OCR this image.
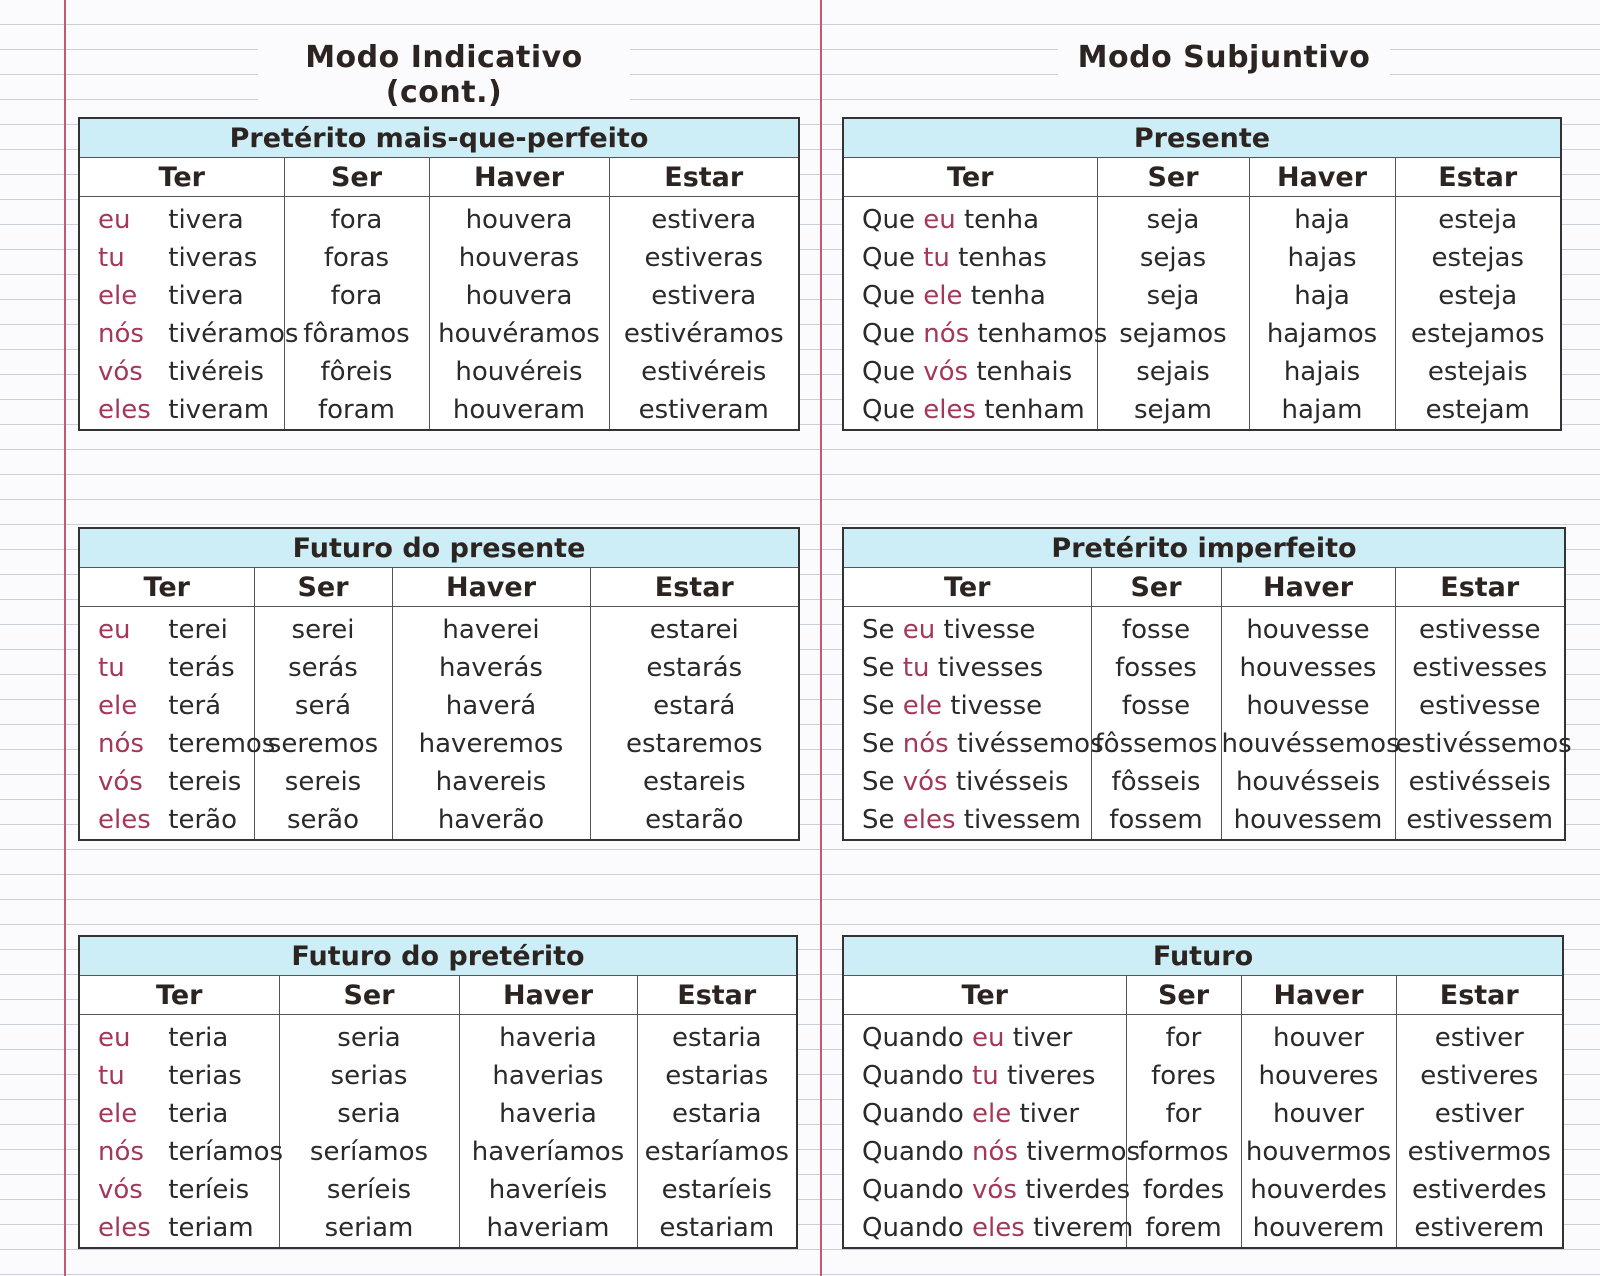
Modo Indicativo (cont.)
Modo Subjuntivo
Pretérito mais-que-perfeito			
Ter	Ser	Haver	Estar
eu tivera	fora	houvera	estivera
tu tiveras	foras	houveras	estiveras
ele tivera	fora	houvera	estivera
nós tivéramos	fôramos	houvéramos	estivéramos
vós tivéreis	fôreis	houvéreis	estivéreis
eles tiveram	foram	houveram	estiveram
Futuro do presente			
Ter	Ser	Haver	Estar
eu terei	serei	haverei	estarei
tu terás	serás	haverás	estarás
ele terá	será	haverá	estará
nós teremos	seremos	haveremos	estaremos
vós tereis	sereis	havereis	estareis
eles terão	serão	haverão	estarão
Futuro do pretérito			
Ter	Ser	Haver	Estar
eu teria	seria	haveria	estaria
tu terias	serias	haverias	estarias
ele teria	seria	haveria	estaria
nós teríamos	seríamos	haveríamos	estaríamos
vós teríeis	seríeis	haveríeis	estaríeis
eles teriam	seriam	haveriam	estariam
Presente			
Ter	Ser	Haver	Estar
Que eu tenha	seja	haja	esteja
Que tu tenhas	sejas	hajas	estejas
Que ele tenha	seja	haja	esteja
Que nós tenhamos	sejamos	hajamos	estejamos
Que vós tenhais	sejais	hajais	estejais
Que eles tenham	sejam	hajam	estejam
Pretérito imperfeito			
Ter	Ser	Haver	Estar
Se eu tivesse	fosse	houvesse	estivesse
Se tu tivesses	fosses	houvesses	estivesses
Se ele tivesse	fosse	houvesse	estivesse
Se nós tivéssemos	fôssemos	houvéssemos	estivéssemos
Se vós tivésseis	fôsseis	houvésseis	estivésseis
Se eles tivessem	fossem	houvessem	estivessem
Futuro			
Ter	Ser	Haver	Estar
Quando eu tiver	for	houver	estiver
Quando tu tiveres	fores	houveres	estiveres
Quando ele tiver	for	houver	estiver
Quando nós tivermos	formos	houvermos	estivermos
Quando vós tiverdes	fordes	houverdes	estiverdes
Quando eles tiverem	forem	houverem	estiverem
